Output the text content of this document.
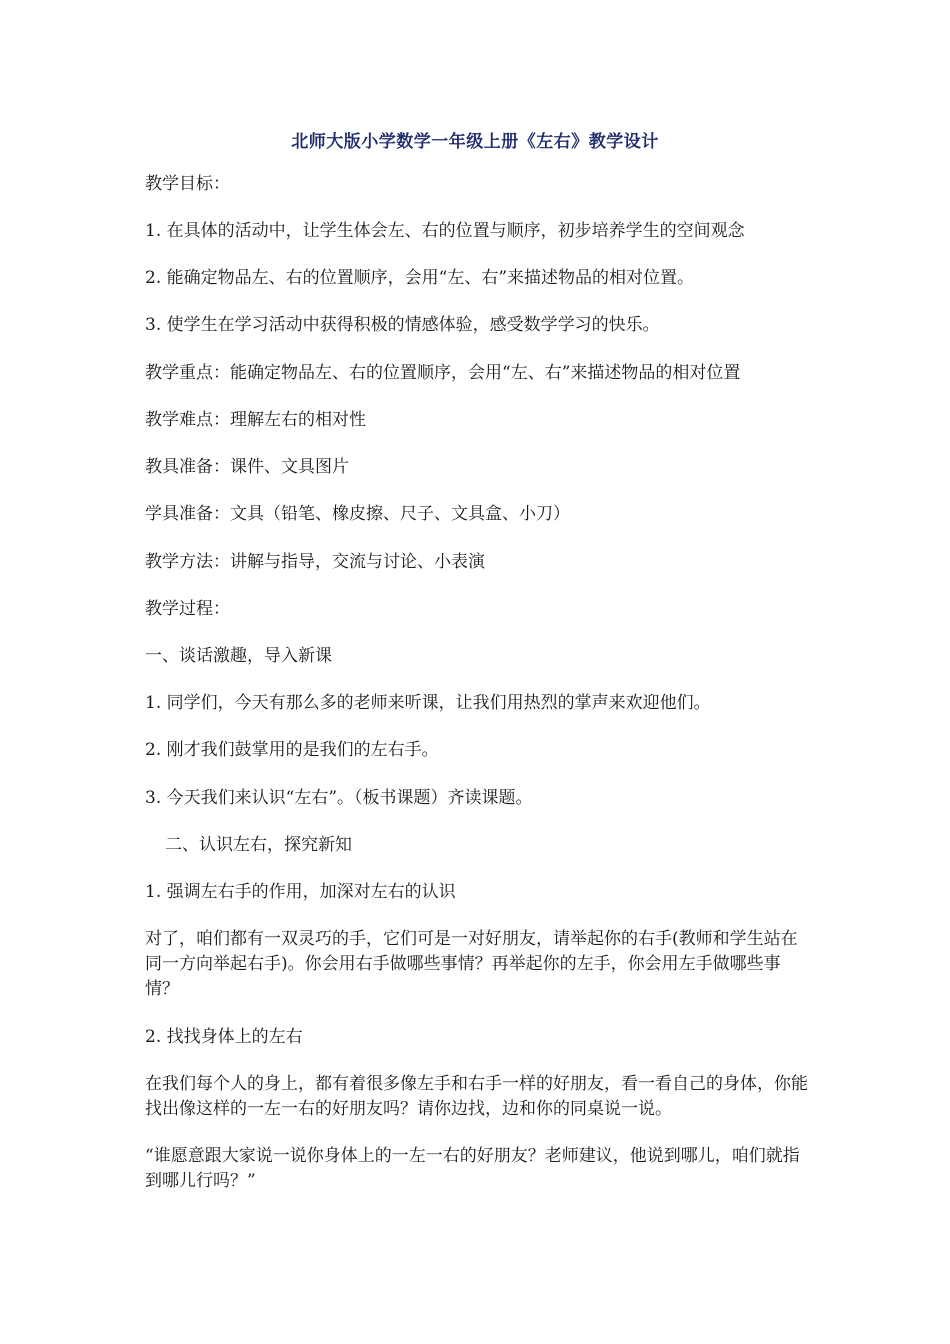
北师大版小学数学一年级上册《左右》教学设计
教学目标：
1. 在具体的活动中，让学生体会左、右的位置与顺序，初步培养学生的空间观念
2. 能确定物品左、右的位置顺序，会用“左、右”来描述物品的相对位置。
3. 使学生在学习活动中获得积极的情感体验，感受数学学习的快乐。
教学重点：能确定物品左、右的位置顺序，会用“左、右”来描述物品的相对位置
教学难点：理解左右的相对性
教具准备：课件、文具图片
学具准备：文具（铅笔、橡皮擦、尺子、文具盒、小刀）
教学方法：讲解与指导，交流与讨论、小表演
教学过程：
一、谈话激趣，导入新课
1. 同学们，今天有那么多的老师来听课，让我们用热烈的掌声来欢迎他们。
2. 刚才我们鼓掌用的是我们的左右手。
3. 今天我们来认识“左右”。（板书课题）齐读课题。
二、认识左右，探究新知
1. 强调左右手的作用，加深对左右的认识
对了，咱们都有一双灵巧的手，它们可是一对好朋友，请举起你的右手(教师和学生站在同一方向举起右手)。你会用右手做哪些事情？再举起你的左手，你会用左手做哪些事情？
2. 找找身体上的左右
在我们每个人的身上，都有着很多像左手和右手一样的好朋友，看一看自己的身体，你能找出像这样的一左一右的好朋友吗？请你边找，边和你的同桌说一说。
“谁愿意跟大家说一说你身体上的一左一右的好朋友？老师建议，他说到哪儿，咱们就指到哪儿行吗？”
